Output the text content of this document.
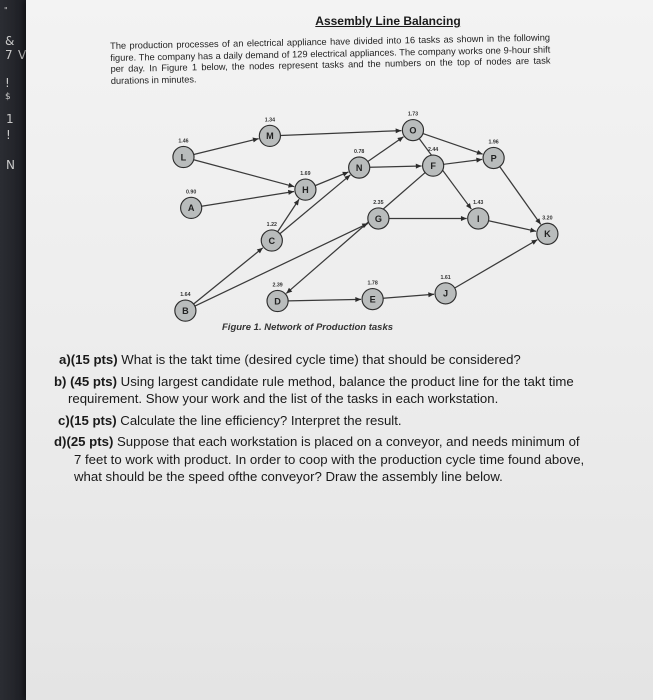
"
&
7 V
!
$
1
!
N
Assembly Line Balancing
The production processes of an electrical appliance have divided into 16 tasks as shown in the following figure. The company has a daily demand of 129 electrical appliances. The company works one 9-hour shift per day. In Figure 1 below, the nodes represent tasks and the numbers on the top of nodes are task durations in minutes.
L
1.46
M
1.34
O
1.73
P
1.96
N
0.78
F
2.44
H
1.69
A
0.90
G
2.35
I
1.43
K
3.20
C
1.22
D
2.39
E
1.78
J
1.61
B
1.64
Figure 1. Network of Production tasks
a)(15 pts) What is the takt time (desired cycle time) that should be considered?
b) (45 pts) Using largest candidate rule method, balance the product line for the takt time requirement. Show your work and the list of the tasks in each workstation.
c)(15 pts) Calculate the line efficiency? Interpret the result.
d)(25 pts) Suppose that each workstation is placed on a conveyor, and needs minimum of 7 feet to work with product. In order to coop with the production cycle time found above, what should be the speed ofthe conveyor? Draw the assembly line below.
